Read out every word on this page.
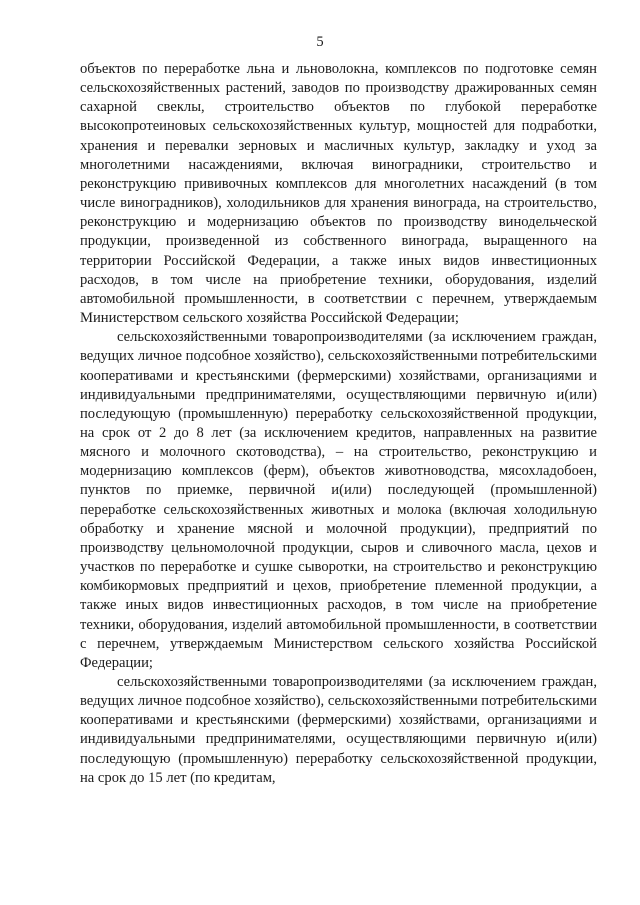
5

объектов по переработке льна и льноволокна, комплексов по подготовке семян сельскохозяйственных растений, заводов по производству дражированных семян сахарной свеклы, строительство объектов по глубокой переработке высокопротеиновых сельскохозяйственных культур, мощностей для подработки, хранения и перевалки зерновых и масличных культур, закладку и уход за многолетними насаждениями, включая виноградники, строительство и реконструкцию прививочных комплексов для многолетних насаждений (в том числе виноградников), холодильников для хранения винограда, на строительство, реконструкцию и модернизацию объектов по производству винодельческой продукции, произведенной из собственного винограда, выращенного на территории Российской Федерации, а также иных видов инвестиционных расходов, в том числе на приобретение техники, оборудования, изделий автомобильной промышленности, в соответствии с перечнем, утверждаемым Министерством сельского хозяйства Российской Федерации;

сельскохозяйственными товаропроизводителями (за исключением граждан, ведущих личное подсобное хозяйство), сельскохозяйственными потребительскими кооперативами и крестьянскими (фермерскими) хозяйствами, организациями и индивидуальными предпринимателями, осуществляющими первичную и(или) последующую (промышленную) переработку сельскохозяйственной продукции, на срок от 2 до 8 лет (за исключением кредитов, направленных на развитие мясного и молочного скотоводства), – на строительство, реконструкцию и модернизацию комплексов (ферм), объектов животноводства, мясохладобоен, пунктов по приемке, первичной и(или) последующей (промышленной) переработке сельскохозяйственных животных и молока (включая холодильную обработку и хранение мясной и молочной продукции), предприятий по производству цельномолочной продукции, сыров и сливочного масла, цехов и участков по переработке и сушке сыворотки, на строительство и реконструкцию комбикормовых предприятий и цехов, приобретение племенной продукции, а также иных видов инвестиционных расходов, в том числе на приобретение техники, оборудования, изделий автомобильной промышленности, в соответствии с перечнем, утверждаемым Министерством сельского хозяйства Российской Федерации;

сельскохозяйственными товаропроизводителями (за исключением граждан, ведущих личное подсобное хозяйство), сельскохозяйственными потребительскими кооперативами и крестьянскими (фермерскими) хозяйствами, организациями и индивидуальными предпринимателями, осуществляющими первичную и(или) последующую (промышленную) переработку сельскохозяйственной продукции, на срок до 15 лет (по кредитам,
